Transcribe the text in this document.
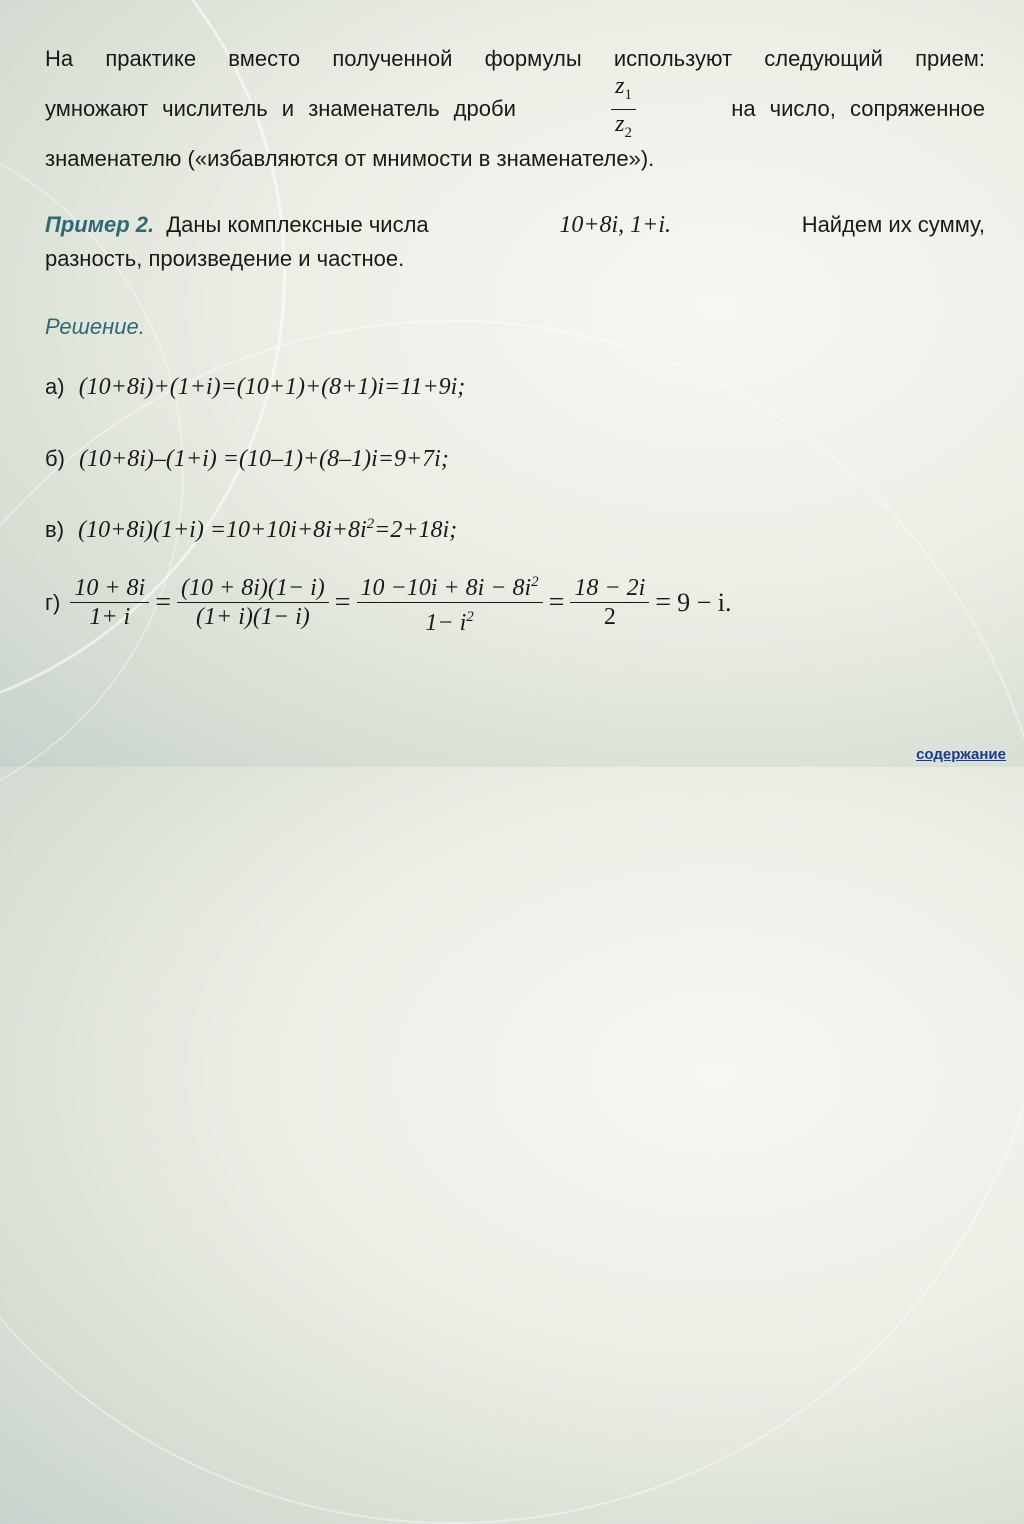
На практике вместо полученной формулы используют следующий прием:
умножают числитель и знаменатель дроби	$\frac{z_1}{z_2}$	на число, сопряженное
знаменателю («избавляются от мнимости в знаменателе»).
Пример 2. Даны комплексные числа	10+8i, 1+i.	Найдем их сумму,
разность, произведение и частное.
Решение.
а) (10+8i)+(1+i)=(10+1)+(8+1)i=11+9i;
б) (10+8i)–(1+i) =(10–1)+(8–1)i=9+7i;
в) $(10+8i)(1+i) =10+10i+8i+8i^2=2+18i$;
$г) \frac{10 + 8i}{1+ i} = \frac{(10 + 8i)(1- i)}{(1+ i)(1- i)} = \frac{10 -10i + 8i - 8i^2}{1- i^2} = \frac{18 - 2i}{2} = 9 - i$.
содержание
